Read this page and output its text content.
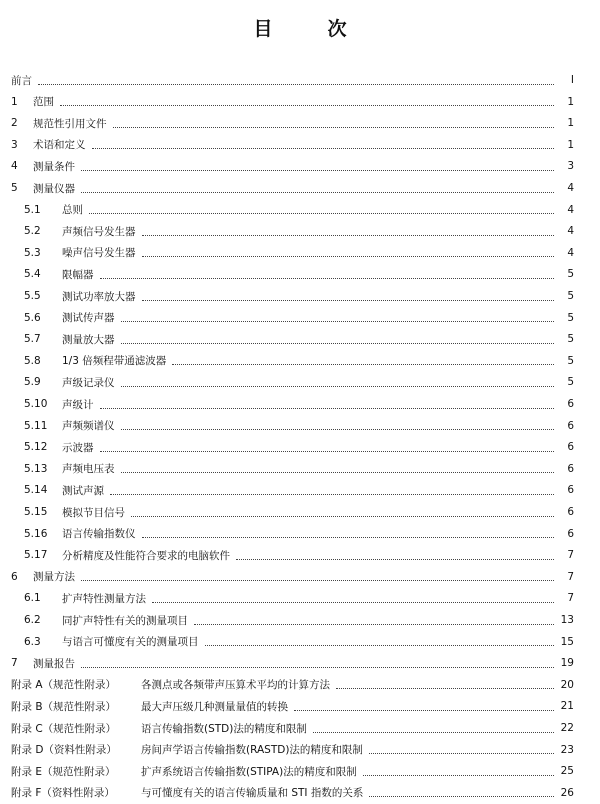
目　次
前言	Ⅰ
1	范围	1
2	规范性引用文件	1
3	术语和定义	1
4	测量条件	3
5	测量仪器	4
5.1	总则	4
5.2	声频信号发生器	4
5.3	噪声信号发生器	4
5.4	限幅器	5
5.5	测试功率放大器	5
5.6	测试传声器	5
5.7	测量放大器	5
5.8	1/3 倍频程带通滤波器	5
5.9	声级记录仪	5
5.10	声级计	6
5.11	声频频谱仪	6
5.12	示波器	6
5.13	声频电压表	6
5.14	测试声源	6
5.15	模拟节目信号	6
5.16	语言传输指数仪	6
5.17	分析精度及性能符合要求的电脑软件	7
6	测量方法	7
6.1	扩声特性测量方法	7
6.2	同扩声特性有关的测量项目	13
6.3	与语言可懂度有关的测量项目	15
7	测量报告	19
附录 A（规范性附录）	各测点或各频带声压算术平均的计算方法	20
附录 B（规范性附录）	最大声压级几种测量量值的转换	21
附录 C（规范性附录）	语言传输指数(STD)法的精度和限制	22
附录 D（资料性附录）	房间声学语言传输指数(RASTD)法的精度和限制	23
附录 E（规范性附录）	扩声系统语言传输指数(STIPA)法的精度和限制	25
附录 F（资料性附录）	与可懂度有关的语言传输质量和 STI 指数的关系	26
